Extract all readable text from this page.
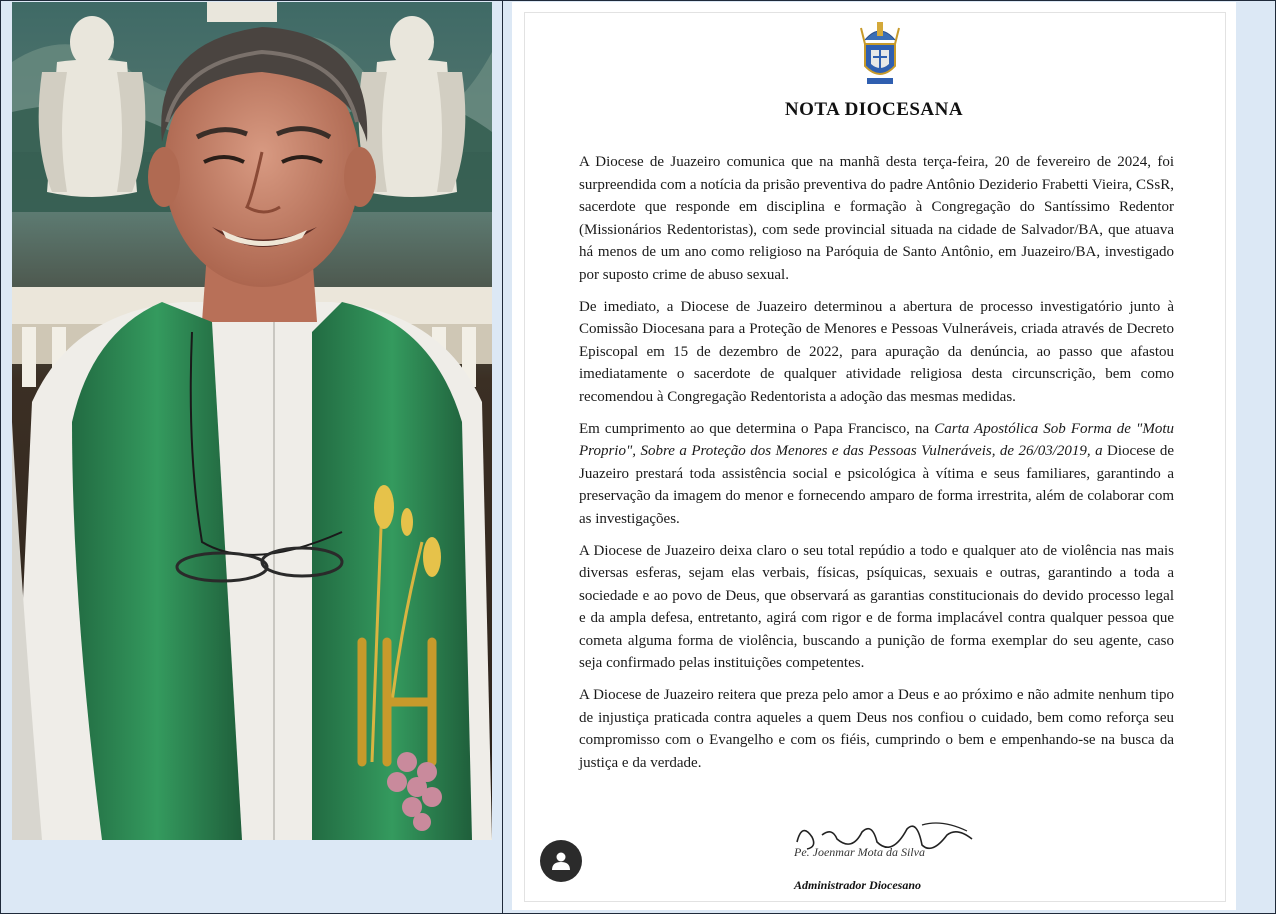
NOTA DIOCESANA

A Diocese de Juazeiro comunica que na manhã desta terça-feira, 20 de fevereiro de 2024, foi surpreendida com a notícia da prisão preventiva do padre Antônio Deziderio Frabetti Vieira, CSsR, sacerdote que responde em disciplina e formação à Congregação do Santíssimo Redentor (Missionários Redentoristas), com sede provincial situada na cidade de Salvador/BA, que atuava há menos de um ano como religioso na Paróquia de Santo Antônio, em Juazeiro/BA, investigado por suposto crime de abuso sexual.

De imediato, a Diocese de Juazeiro determinou a abertura de processo investigatório junto à Comissão Diocesana para a Proteção de Menores e Pessoas Vulneráveis, criada através de Decreto Episcopal em 15 de dezembro de 2022, para apuração da denúncia, ao passo que afastou imediatamente o sacerdote de qualquer atividade religiosa desta circunscrição, bem como recomendou à Congregação Redentorista a adoção das mesmas medidas.

Em cumprimento ao que determina o Papa Francisco, na Carta Apostólica Sob Forma de "Motu Proprio", Sobre a Proteção dos Menores e das Pessoas Vulneráveis, de 26/03/2019, a Diocese de Juazeiro prestará toda assistência social e psicológica à vítima e seus familiares, garantindo a preservação da imagem do menor e fornecendo amparo de forma irrestrita, além de colaborar com as investigações.

A Diocese de Juazeiro deixa claro o seu total repúdio a todo e qualquer ato de violência nas mais diversas esferas, sejam elas verbais, físicas, psíquicas, sexuais e outras, garantindo a toda a sociedade e ao povo de Deus, que observará as garantias constitucionais do devido processo legal e da ampla defesa, entretanto, agirá com rigor e de forma implacável contra qualquer pessoa que cometa alguma forma de violência, buscando a punição de forma exemplar do seu agente, caso seja confirmado pelas instituições competentes.

A Diocese de Juazeiro reitera que preza pelo amor a Deus e ao próximo e não admite nenhum tipo de injustiça praticada contra aqueles a quem Deus nos confiou o cuidado, bem como reforça seu compromisso com o Evangelho e com os fiéis, cumprindo o bem e empenhando-se na busca da justiça e da verdade.

Pe. Joenmar Mota da Silva
Administrador Diocesano
